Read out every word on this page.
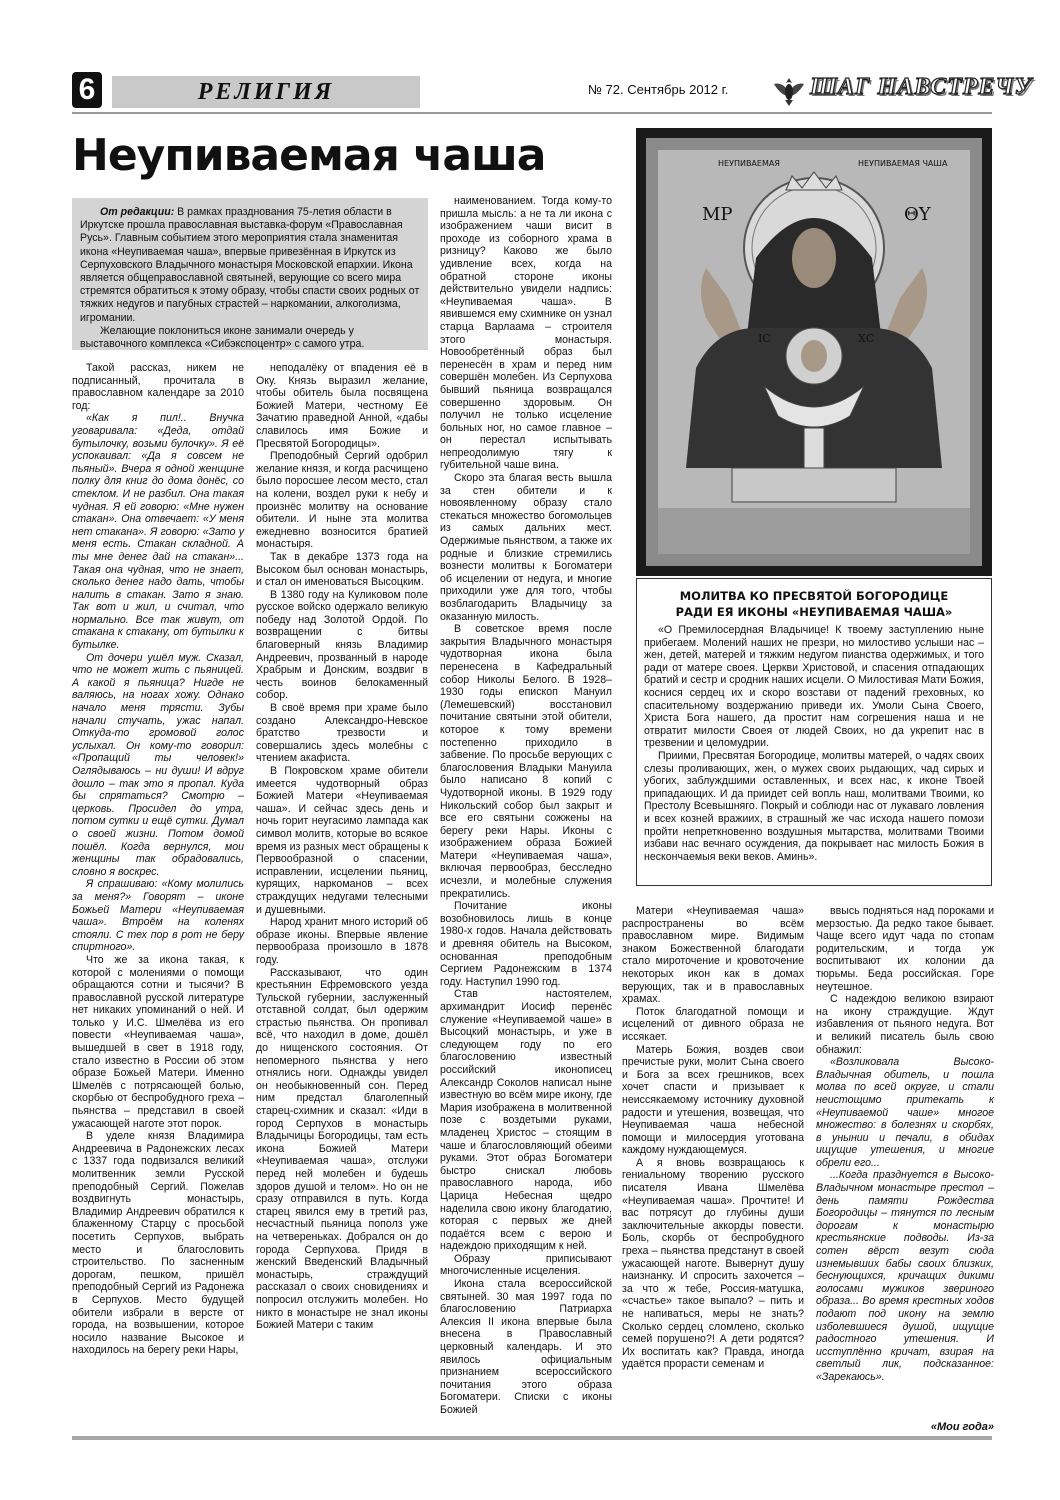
6	РЕЛИГИЯ	№ 72. Сентябрь 2012 г.	ШАГ НАВСТРЕЧУ
Неупиваемая чаша

От редакции: В рамках празднования 75-летия области в Иркутске прошла православная выставка-форум «Православная Русь». Главным событием этого мероприятия стала знаменитая икона «Неупиваемая чаша», впервые привезённая в Иркутск из Серпуховского Владычного монастыря Московской епархии. Икона является общеправославной святыней, верующие со всего мира стремятся обратиться к этому образу, чтобы спасти своих родных от тяжких недугов и пагубных страстей – наркомании, алкоголизма, игромании.

Желающие поклониться иконе занимали очередь у выставочного комплекса «Сибэкспоцентр» с самого утра.

Такой рассказ, никем не подписанный, прочитала в православном календаре за 2010 год:

«Как я пил!.. Внучка уговаривала: «Деда, отдай бутылочку, возьми булочку». Я её успокаивал: «Да я совсем не пьяный». Вчера я одной женщине полку для книг до дома донёс, со стеклом. И не разбил. Она такая чудная. Я ей говорю: «Мне нужен стакан». Она отвечает: «У меня нет стакана». Я говорю: «Зато у меня есть. Стакан складной. А ты мне денег дай на стакан»... Такая она чудная, что не знает, сколько денег надо дать, чтобы налить в стакан. Зато я знаю. Так вот и жил, и считал, что нормально. Все так живут, от стакана к стакану, от бутылки к бутылке.

От дочери ушёл муж. Сказал, что не может жить с пьяницей. А какой я пьяница? Нигде не валяюсь, на ногах хожу. Однако начало меня трясти. Зубы начали стучать, ужас напал. Откуда-то громовой голос услыхал. Он кому-то говорил: «Пропащий ты человек!» Оглядываюсь – ни души! И вдруг дошло – так это я пропал. Куда бы спрятаться? Смотрю – церковь. Просидел до утра, потом сутки и ещё сутки. Думал о своей жизни. Потом домой пошёл. Когда вернулся, мои женщины так обрадовались, словно я воскрес.

Я спрашиваю: «Кому молились за меня?» Говорят – иконе Божьей Матери «Неупиваемая чаша». Втроём на коленях стояли. С тех пор в рот не беру спиртного».

Что же за икона такая, к которой с молениями о помощи обращаются сотни и тысячи? В православной русской литературе нет никаких упоминаний о ней. И только у И.С. Шмелёва из его повести «Неупиваемая чаша», вышедшей в свет в 1918 году, стало известно в России об этом образе Божьей Матери. Именно Шмелёв с потрясающей болью, скорбью от беспробудного греха – пьянства – представил в своей ужасающей наготе этот порок.

В уделе князя Владимира Андреевича в Радонежских лесах с 1337 года подвизался великий молитвенник земли Русской преподобный Сергий. Пожелав воздвигнуть монастырь, Владимир Андреевич обратился к блаженному Старцу с просьбой посетить Серпухов, выбрать место и благословить строительство. По засненным дорогам, пешком, пришёл преподобный Сергий из Радонежа в Серпухов. Место будущей обители избрали в версте от города, на возвышении, которое носило название Высокое и находилось на берегу реки Нары,

неподалёку от впадения её в Оку. Князь выразил желание, чтобы обитель была посвящена Божией Матери, честному Её Зачатию праведной Анной, «дабы славилось имя Божие и Пресвятой Богородицы».

Преподобный Сергий одобрил желание князя, и когда расчищено было поросшее лесом место, стал на колени, воздел руки к небу и произнёс молитву на основание обители. И ныне эта молитва ежедневно возносится братией монастыря.

Так в декабре 1373 года на Высоком был основан монастырь, и стал он именоваться Высоцким.

В 1380 году на Куликовом поле русское войско одержало великую победу над Золотой Ордой. По возвращении с битвы благоверный князь Владимир Андреевич, прозванный в народе Храбрым и Донским, воздвиг в честь воинов белокаменный собор.

В своё время при храме было создано Александро-Невское братство трезвости и совершались здесь молебны с чтением акафиста.

В Покровском храме обители имеется чудотворный образ Божией Матери «Неупиваемая чаша». И сейчас здесь день и ночь горит неугасимо лампада как символ молитв, которые во всякое время из разных мест обращены к Первообразной о спасении, исправлении, исцелении пьяниц, курящих, наркоманов – всех страждущих недугами телесными и душевными.

Народ хранит много историй об образе иконы. Впервые явление первообраза произошло в 1878 году.

Рассказывают, что один крестьянин Ефремовского уезда Тульской губернии, заслуженный отставной солдат, был одержим страстью пьянства. Он пропивал всё, что находил в доме, дошёл до нищенского состояния. От непомерного пьянства у него отнялись ноги. Однажды увидел он необыкновенный сон. Перед ним предстал благолепный старец-схимник и сказал: «Иди в город Серпухов в монастырь Владычицы Богородицы, там есть икона Божией Матери «Неупиваемая чаша», отслужи перед ней молебен и будешь здоров душой и телом». Но он не сразу отправился в путь. Когда старец явился ему в третий раз, несчастный пьяница пополз уже на четвереньках. Добрался он до города Серпухова. Придя в женский Введенский Владычный монастырь, страждущий рассказал о своих сновидениях и попросил отслужить молебен. Но никто в монастыре не знал иконы Божией Матери с таким

наименованием. Тогда кому-то пришла мысль: а не та ли икона с изображением чаши висит в проходе из соборного храма в ризницу? Каково же было удивление всех, когда на обратной стороне иконы действительно увидели надпись: «Неупиваемая чаша». В явившемся ему схимнике он узнал старца Варлаама – строителя этого монастыря. Новообретённый образ был перенесён в храм и перед ним совершён молебен. Из Серпухова бывший пьяница возвращался совершенно здоровым. Он получил не только исцеление больных ног, но самое главное – он перестал испытывать непреодолимую тягу к губительной чаше вина.

Скоро эта благая весть вышла за стен обители и к новоявленному образу стало стекаться множество богомольцев из самых дальних мест. Одержимые пьянством, а также их родные и близкие стремились вознести молитвы к Богоматери об исцелении от недуга, и многие приходили уже для того, чтобы возблагодарить Владычицу за оказанную милость.

В советское время после закрытия Владычного монастыря чудотворная икона была перенесена в Кафедральный собор Николы Белого. В 1928–1930 годы епископ Мануил (Лемешевский) восстановил почитание святыни этой обители, которое к тому времени постепенно приходило в забвение. По просьбе верующих с благословения Владыки Мануила было написано 8 копий с Чудотворной иконы. В 1929 году Никольский собор был закрыт и все его святыни сожжены на берегу реки Нары. Иконы с изображением образа Божией Матери «Неупиваемая чаша», включая первообраз, бесследно исчезли, и молебные служения прекратились.

Почитание иконы возобновилось лишь в конце 1980-х годов. Начала действовать и древняя обитель на Высоком, основанная преподобным Сергием Радонежским в 1374 году. Наступил 1990 год.

Став настоятелем, архимандрит Иосиф перенёс служение «Неупиваемой чаше» в Высоцкий монастырь, и уже в следующем году по его благословению известный российский иконописец Александр Соколов написал ныне известную во всём мире икону, где Мария изображена в молитвенной позе с воздетыми руками, младенец Христос – стоящим в чаше и благословляющий обеими руками. Этот образ Богоматери быстро снискал любовь православного народа, ибо Царица Небесная щедро наделила свою икону благодатию, которая с первых же дней подаётся всем с верою и надеждою приходящим к ней.

Образу приписывают многочисленные исцеления.

Икона стала всероссийской святыней. 30 мая 1997 года по благословению Патриарха Алексия II икона впервые была внесена в Православный церковный календарь. И это явилось официальным признанием всероссийского почитания этого образа Богоматери. Списки с иконы Божией

Матери «Неупиваемая чаша» распространены во всём православном мире. Видимым знаком Божественной благодати стало мироточение и кровоточение некоторых икон как в домах верующих, так и в православных храмах.

Поток благодатной помощи и исцелений от дивного образа не иссякает.

Матерь Божия, воздев свои пречистые руки, молит Сына своего и Бога за всех грешников, всех хочет спасти и призывает к неиссякаемому источнику духовной радости и утешения, возвещая, что Неупиваемая чаша небесной помощи и милосердия уготована каждому нуждающемуся.

А я вновь возвращаюсь к гениальному творению русского писателя Ивана Шмелёва «Неупиваемая чаша». Прочтите! И вас потрясут до глубины души заключительные аккорды повести. Боль, скорбь от беспробудного греха – пьянства предстанут в своей ужасающей наготе. Вывернут душу наизнанку. И спросить захочется – за что ж тебе, Россия-матушка, «счастье» такое выпало? – пить и не напиваться, меры не знать? Сколько сердец сломлено, сколько семей порушено?! А дети родятся? Их воспитать как? Правда, иногда удаётся прорасти семенам и

ввысь подняться над пороками и мерзостью. Да редко такое бывает. Чаще всего идут чада по стопам родительским, и тогда уж воспитывают их колонии да тюрьмы. Беда российская. Горе неутешное.

С надеждою великою взирают на икону страждущие. Ждут избавления от пьяного недуга. Вот и великий писатель быль свою обнажил:

«Возликовала Высоко-Владычная обитель, и пошла молва по всей округе, и стали неистощимо притекать к «Неупиваемой чаше» многое множество: в болезнях и скорбях, в унынии и печали, в обидах ищущие утешения, и многие обрели его...

...Когда празднуется в Высоко-Владычном монастыре престол – день памяти Рождества Богородицы – тянутся по лесным дорогам к монастырю крестьянские подводы. Из-за сотен вёрст везут сюда изнемывших бабы своих близких, беснующихся, кричащих дикими голосами мужиков звериного образа... Во время крестных ходов подают под икону на землю изболевшиеся душой, ищущие радостного утешения. И исступлённо кричат, взирая на светлый лик, подсказанное: «Зарекаюсь».

НЕУПИВАЕМАЯ	НЕУПИВАЕМАЯ ЧАША
МР	ΘΥ
IC	ХС
МОЛИТВА КО ПРЕСВЯТОЙ БОГОРОДИЦЕ
РАДИ ЕЯ ИКОНЫ «НЕУПИВАЕМАЯ ЧАША»

«О Премилосердная Владычице! К твоему заступлению ныне прибегаем. Молений наших не презри, но милостиво услыши нас – жен, детей, матерей и тяжким недугом пианства одержимых, и того ради от матере своея. Церкви Христовой, и спасения отпадающих братий и сестр и сродник наших исцели. О Милостивая Мати Божия, коснися сердец их и скоро возстави от падений греховных, ко спасительному воздержанию приведи их. Умоли Сына Своего, Христа Бога нашего, да простит нам согрешения наша и не отвратит милости Своея от людей Своих, но да укрепит нас в трезвении и целомудрии.

Приими, Пресвятая Богородице, молитвы матерей, о чадях своих слезы проливающих, жен, о мужех своих рыдающих, чад сирых и убогих, заблуждшими оставленных, и всех нас, к иконе Твоей припадающих. И да приидет сей вопль наш, молитвами Твоими, ко Престолу Всевышняго. Покрый и соблюди нас от лукаваго ловления и всех козней вражиих, в страшный же час исхода нашего помози пройти непреткновенно воздушныя мытарства, молитвами Твоими избави нас вечнаго осуждения, да покрывает нас милость Божия в нескончаемыя веки веков. Аминь».

«Мои года»
